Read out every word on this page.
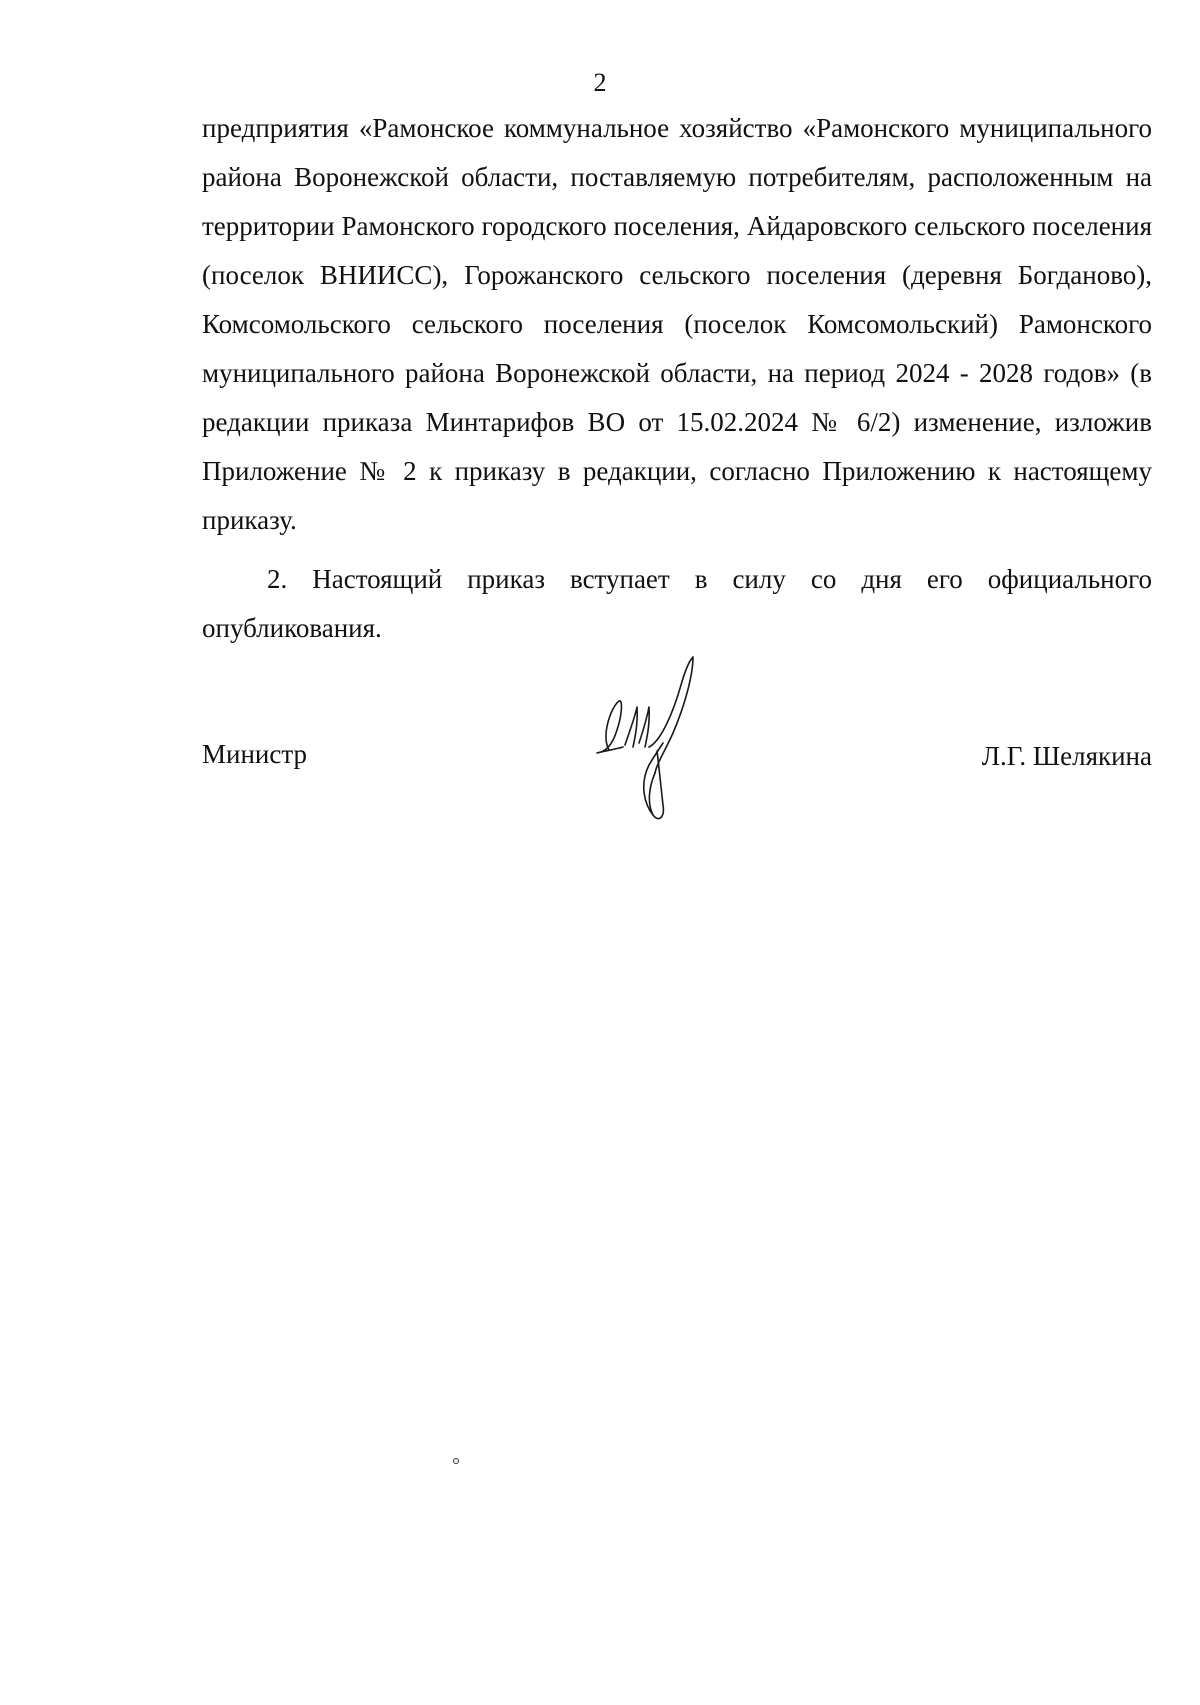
2

предприятия «Рамонское коммунальное хозяйство «Рамонского муниципального района Воронежской области, поставляемую потребителям, расположенным на территории Рамонского городского поселения, Айдаровского сельского поселения (поселок ВНИИСС), Горожанского сельского поселения (деревня Богданово), Комсомольского сельского поселения (поселок Комсомольский) Рамонского муниципального района Воронежской области, на период 2024 - 2028 годов» (в редакции приказа Минтарифов ВО от 15.02.2024 № 6/2) изменение, изложив Приложение № 2 к приказу в редакции, согласно Приложению к настоящему приказу.

2. Настоящий приказ вступает в силу со дня его официального опубликования.

Министр	Л.Г. Шелякина
